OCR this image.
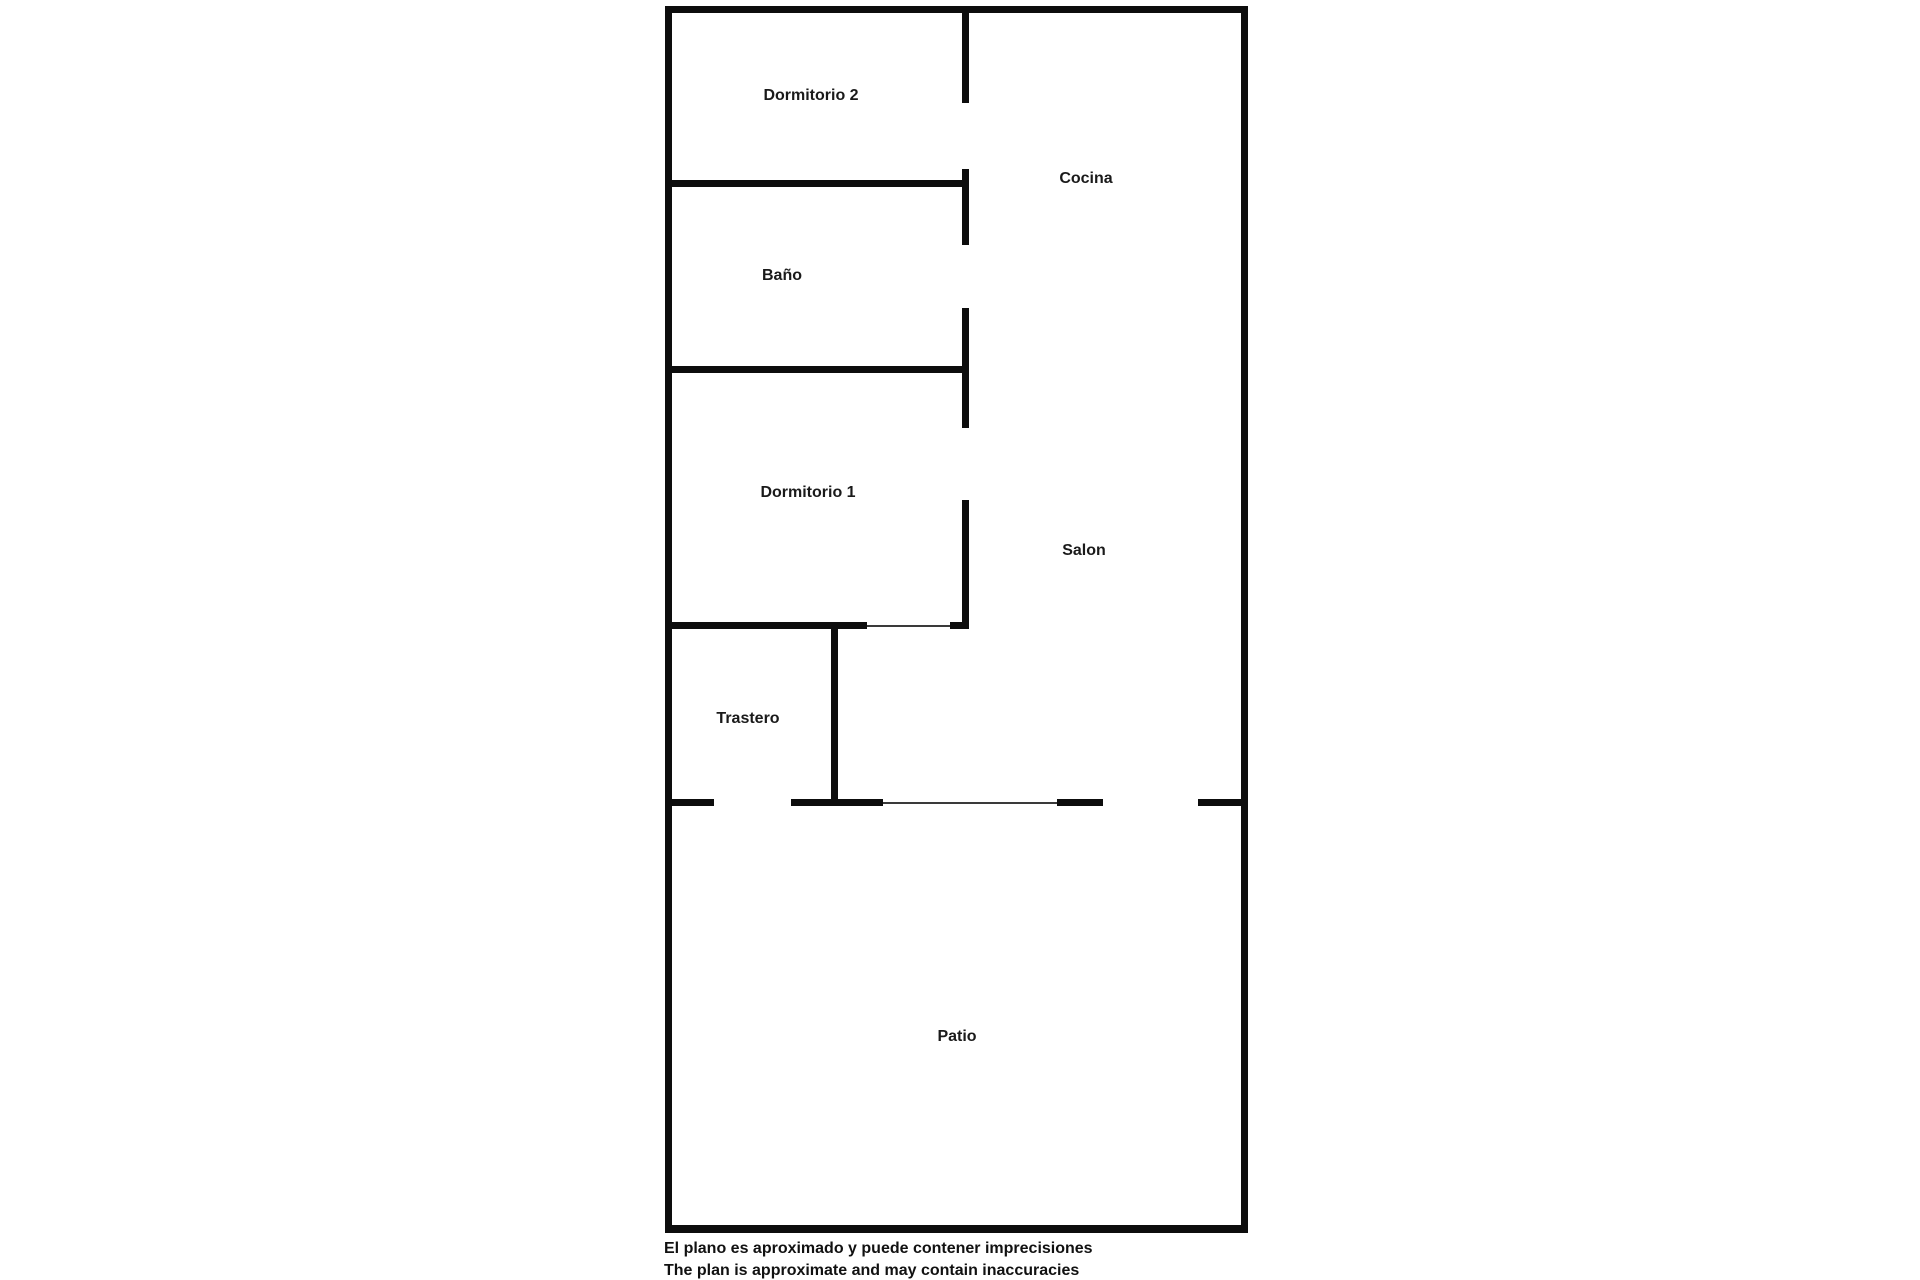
Dormitorio 2
Cocina
Baño
Dormitorio 1
Salon
Trastero
Patio
El plano es aproximado y puede contener imprecisiones
The plan is approximate and may contain inaccuracies
